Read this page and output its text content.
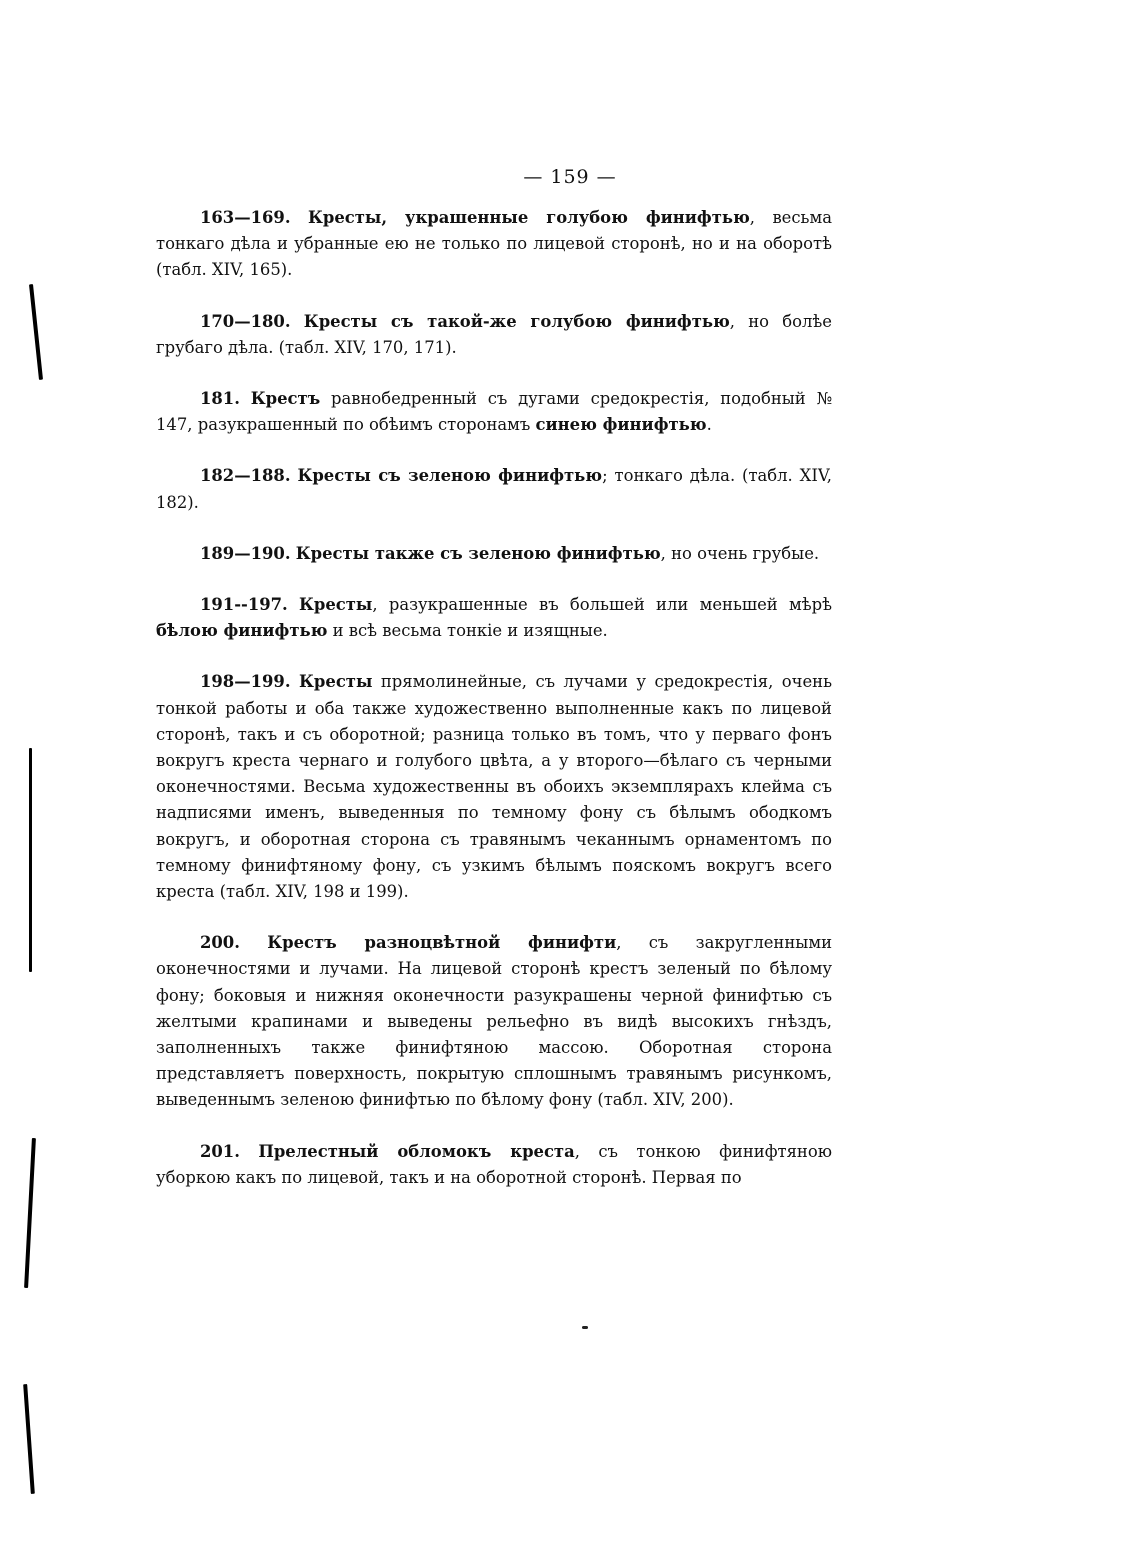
— 159 —

163—169. Кресты, украшенные голубою финифтью, весьма тонкаго дѣла и убранные ею не только по лицевой сторонѣ, но и на оборотѣ (табл. XIV, 165).

170—180. Кресты съ такой-же голубою финифтью, но болѣе грубаго дѣла. (табл. XIV, 170, 171).

181. Крестъ равнобедренный съ дугами средокрестія, подобный № 147, разукрашенный по обѣимъ сторонамъ синею финифтью.

182—188. Кресты съ зеленою финифтью; тонкаго дѣла. (табл. XIV, 182).

189—190. Кресты также съ зеленою финифтью, но очень грубые.

191--197. Кресты, разукрашенные въ большей или меньшей мѣрѣ бѣлою финифтью и всѣ весьма тонкіе и изящные.

198—199. Кресты прямолинейные, съ лучами у средокрестія, очень тонкой работы и оба также художественно выполненные какъ по лицевой сторонѣ, такъ и съ оборотной; разница только въ томъ, что у перваго фонъ вокругъ креста чернаго и голубого цвѣта, а у второго—бѣлаго съ черными оконечностями. Весьма художественны въ обоихъ экземплярахъ клейма съ надписями именъ, выведенныя по темному фону съ бѣлымъ ободкомъ вокругъ, и оборотная сторона съ травянымъ чеканнымъ орнаментомъ по темному финифтяному фону, съ узкимъ бѣлымъ пояскомъ вокругъ всего креста (табл. XIV, 198 и 199).

200. Крестъ разноцвѣтной финифти, съ закругленными оконечностями и лучами. На лицевой сторонѣ крестъ зеленый по бѣлому фону; боковыя и нижняя оконечности разукрашены черной финифтью съ желтыми крапинами и выведены рельефно въ видѣ высокихъ гнѣздъ, заполненныхъ также финифтяною массою. Оборотная сторона представляетъ поверхность, покрытую сплошнымъ травянымъ рисункомъ, выведеннымъ зеленою финифтью по бѣлому фону (табл. XIV, 200).

201. Прелестный обломокъ креста, съ тонкою финифтяною уборкою какъ по лицевой, такъ и на оборотной сторонѣ. Первая по
